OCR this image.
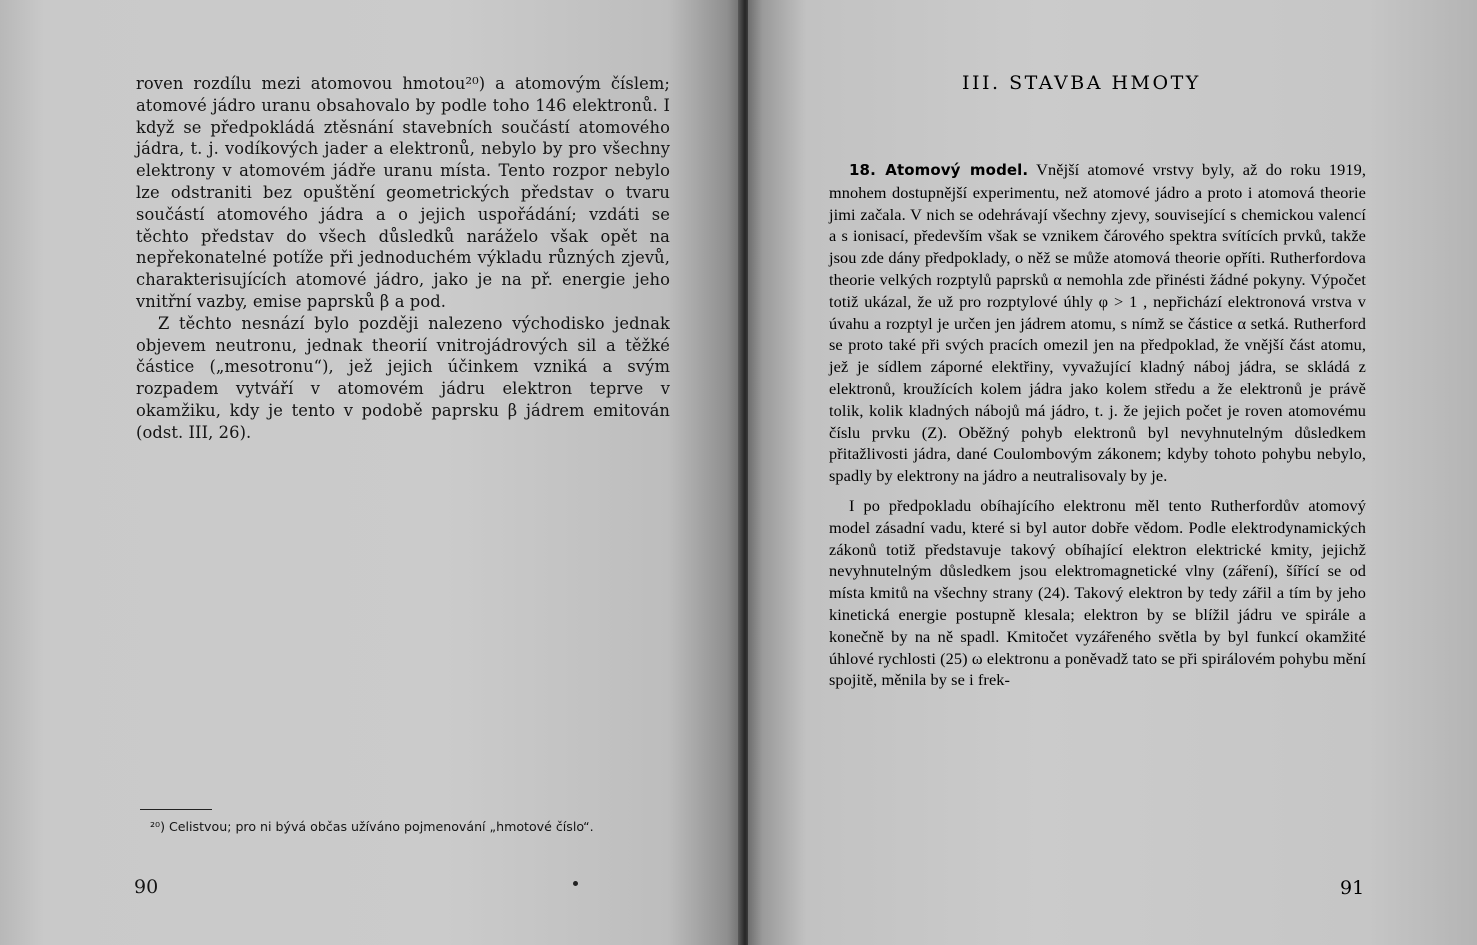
roven rozdílu mezi atomovou hmotou²⁰) a atomovým číslem; atomové jádro uranu obsahovalo by podle toho 146 elektronů. I když se předpokládá ztěsnání stavebních součástí atomového jádra, t. j. vodíkových jader a elektronů, nebylo by pro všechny elektrony v atomovém jádře uranu místa. Tento rozpor nebylo lze odstraniti bez opuštění geometrických představ o tvaru součástí atomového jádra a o jejich uspořádání; vzdáti se těchto představ do všech důsledků naráželo však opět na nepřekonatelné potíže při jednoduchém výkladu různých zjevů, charakterisujících atomové jádro, jako je na př. energie jeho vnitřní vazby, emise paprsků β a pod.

Z těchto nesnází bylo později nalezeno východisko jednak objevem neutronu, jednak theorií vnitrojádrových sil a těžké částice („mesotronu“), jež jejich účinkem vzniká a svým rozpadem vytváří v atomovém jádru elektron teprve v okamžiku, kdy je tento v podobě paprsku β jádrem emitován (odst. III, 26).

²⁰) Celistvou; pro ni bývá občas užíváno pojmenování „hmotové číslo“.
90
III. STAVBA HMOTY

18. Atomový model. Vnější atomové vrstvy byly, až do roku 1919, mnohem dostupnější experimentu, než atomové jádro a proto i atomová theorie jimi začala. V nich se odehrávají všechny zjevy, související s chemickou valencí a s ionisací, především však se vznikem čárového spektra svítících prvků, takže jsou zde dány předpoklady, o něž se může atomová theorie opříti. Rutherfordova theorie velkých rozptylů paprsků α nemohla zde přinésti žádné pokyny. Výpočet totiž ukázal, že už pro rozptylové úhly φ > 1 , nepřichází elektronová vrstva v úvahu a rozptyl je určen jen jádrem atomu, s nímž se částice α setká. Rutherford se proto také při svých pracích omezil jen na předpoklad, že vnější část atomu, jež je sídlem záporné elektřiny, vyvažující kladný náboj jádra, se skládá z elektronů, kroužících kolem jádra jako kolem středu a že elektronů je právě tolik, kolik kladných nábojů má jádro, t. j. že jejich počet je roven atomovému číslu prvku (Z). Oběžný pohyb elektronů byl nevyhnutelným důsledkem přitažlivosti jádra, dané Coulombovým zákonem; kdyby tohoto pohybu nebylo, spadly by elektrony na jádro a neutralisovaly by je.

I po předpokladu obíhajícího elektronu měl tento Rutherfordův atomový model zásadní vadu, které si byl autor dobře vědom. Podle elektrodynamických zákonů totiž představuje takový obíhající elektron elektrické kmity, jejichž nevyhnutelným důsledkem jsou elektromagnetické vlny (záření), šířící se od místa kmitů na všechny strany (24). Takový elektron by tedy zářil a tím by jeho kinetická energie postupně klesala; elektron by se blížil jádru ve spirále a konečně by na ně spadl. Kmitočet vyzářeného světla by byl funkcí okamžité úhlové rychlosti (25) ω elektronu a poněvadž tato se při spirálovém pohybu mění spojitě, měnila by se i frek-

91
